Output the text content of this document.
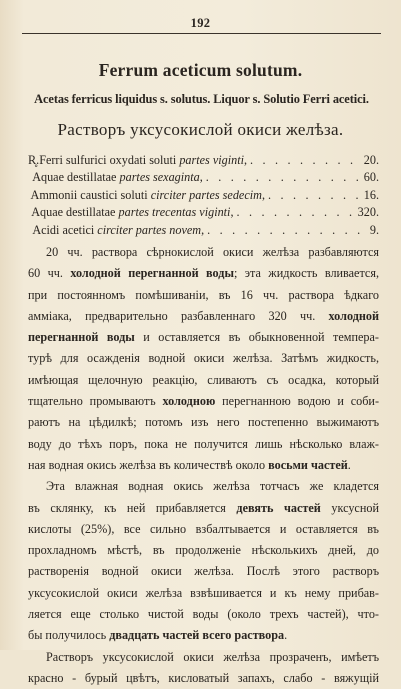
192
Ferrum aceticum solutum.
Acetas ferricus liquidus s. solutus. Liquor s. Solutio Ferri acetici.
Растворъ уксусокислой окиси желѣза.
R̥. Ferri sulfurici oxydati soluti partes viginti, . . .	20.
Aquae destillatae partes sexaginta, . . .	60.
Ammonii caustici soluti circiter partes sedecim, . . .	16.
Aquae destillatae partes trecentas viginti, . . .	320.
Acidi acetici circiter partes novem, . . .	9.

20 чч. раствора сѣрнокислой окиси желѣза разбавляются
60 чч. холодной перегнанной воды; эта жидкость вливается,
при постоянномъ помѣшиваніи, въ 16 чч. раствора ѣдкаго
аммiака, предварительно разбавленнаго 320 чч. холодной
перегнанной воды и оставляется въ обыкновенной темпера-
турѣ для осажденія водной окиси желѣза. Затѣмъ жидкость,
имѣющая щелочную реакцію, сливаютъ съ осадка, который
тщательно промываютъ холодною перегнанною водою и соби-
раютъ на цѣдилкѣ; потомъ изъ него постепенно выжимаютъ
воду до тѣхъ поръ, пока не получится лишь нѣсколько влаж-
ная водная окись желѣза въ количествѣ около восьми частей.

Эта влажная водная окись желѣза тотчасъ же кладется
въ склянку, къ ней прибавляется девять частей уксусной
кислоты (25%), все сильно взбалтывается и оставляется въ
прохладномъ мѣстѣ, въ продолженіе нѣсколькихъ дней, до
растворенія водной окиси желѣза. Послѣ этого растворъ
уксусокислой окиси желѣза взвѣшивается и къ нему прибав-
ляется еще столько чистой воды (около трехъ частей), что-
бы получилось двадцать частей всего раствора.

Растворъ уксусокислой окиси желѣза прозраченъ, имѣетъ
красно - бурый цвѣтъ, кисловатый запахъ, слабо - вяжущій
